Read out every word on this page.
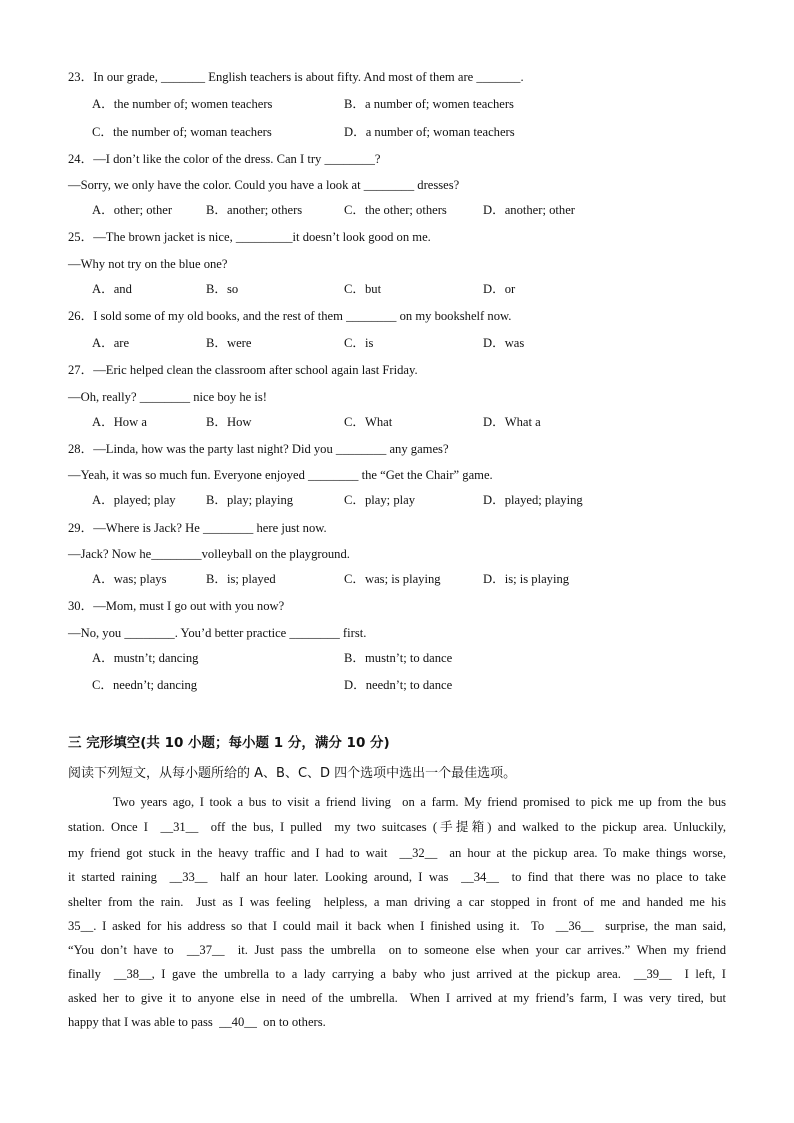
23．In our grade, _______ English teachers is about fifty. And most of them are _______.
A．the number of; women teachers	B．a number of; women teachers
C．the number of; woman teachers	D．a number of; woman teachers
24．—I don’t like the color of the dress. Can I try ________?
—Sorry, we only have the color. Could you have a look at ________ dresses?
A．other; other	B．another; others	C．the other; others	D．another; other
25．—The brown jacket is nice, _________it doesn’t look good on me.
—Why not try on the blue one?
A．and	B．so	C．but	D．or
26．I sold some of my old books, and the rest of them ________ on my bookshelf now.
A．are	B．were	C．is	D．was
27．—Eric helped clean the classroom after school again last Friday.
—Oh, really? ________ nice boy he is!
A．How a	B．How	C．What	D．What a
28．—Linda, how was the party last night? Did you ________ any games?
—Yeah, it was so much fun. Everyone enjoyed ________ the “Get the Chair” game.
A．played; play B．play; playing	C．play; play	D．played; playing
29．—Where is Jack? He ________ here just now.
—Jack? Now he________volleyball on the playground.
A．was; plays	B．is; played	C．was; is playing	D．is; is playing
30．—Mom, must I go out with you now?
—No, you ________. You’d better practice ________ first.
A．mustn’t; dancing	B．mustn’t; to dance
C．needn’t; dancing	D．needn’t; to dance
三 完形填空(共 10 小题；每小题 1 分，满分 10 分)
阅读下列短文，从每小题所给的 A、B、C、D 四个选项中选出一个最佳选项。
Two years ago, I took a bus to visit a friend living  on a farm. My friend promised to pick me up from the bus
station. Once I  __31__  off the bus, I pulled  my two suitcases (手提箱) and walked to the pickup area. Unluckily,
my friend got stuck in the heavy traffic and I had to wait  __32__  an hour at the pickup area. To make things worse,
it started raining  __33__  half an hour later. Looking around, I was  __34__  to find that there was no place to take
shelter from the rain.  Just as I was feeling  helpless, a man driving a car stopped in front of me and handed me his
35__. I asked for his address so that I could mail it back when I finished using it.  To  __36__  surprise, the man said,
“You don’t have to  __37__  it. Just pass the umbrella  on to someone else when your car arrives.” When my friend
finally  __38__, I gave the umbrella to a lady carrying a baby who just arrived at the pickup area.  __39__  I left, I
asked her to give it to anyone else in need of the umbrella.  When I arrived at my friend’s farm, I was very tired, but
happy that I was able to pass  __40__  on to others.
